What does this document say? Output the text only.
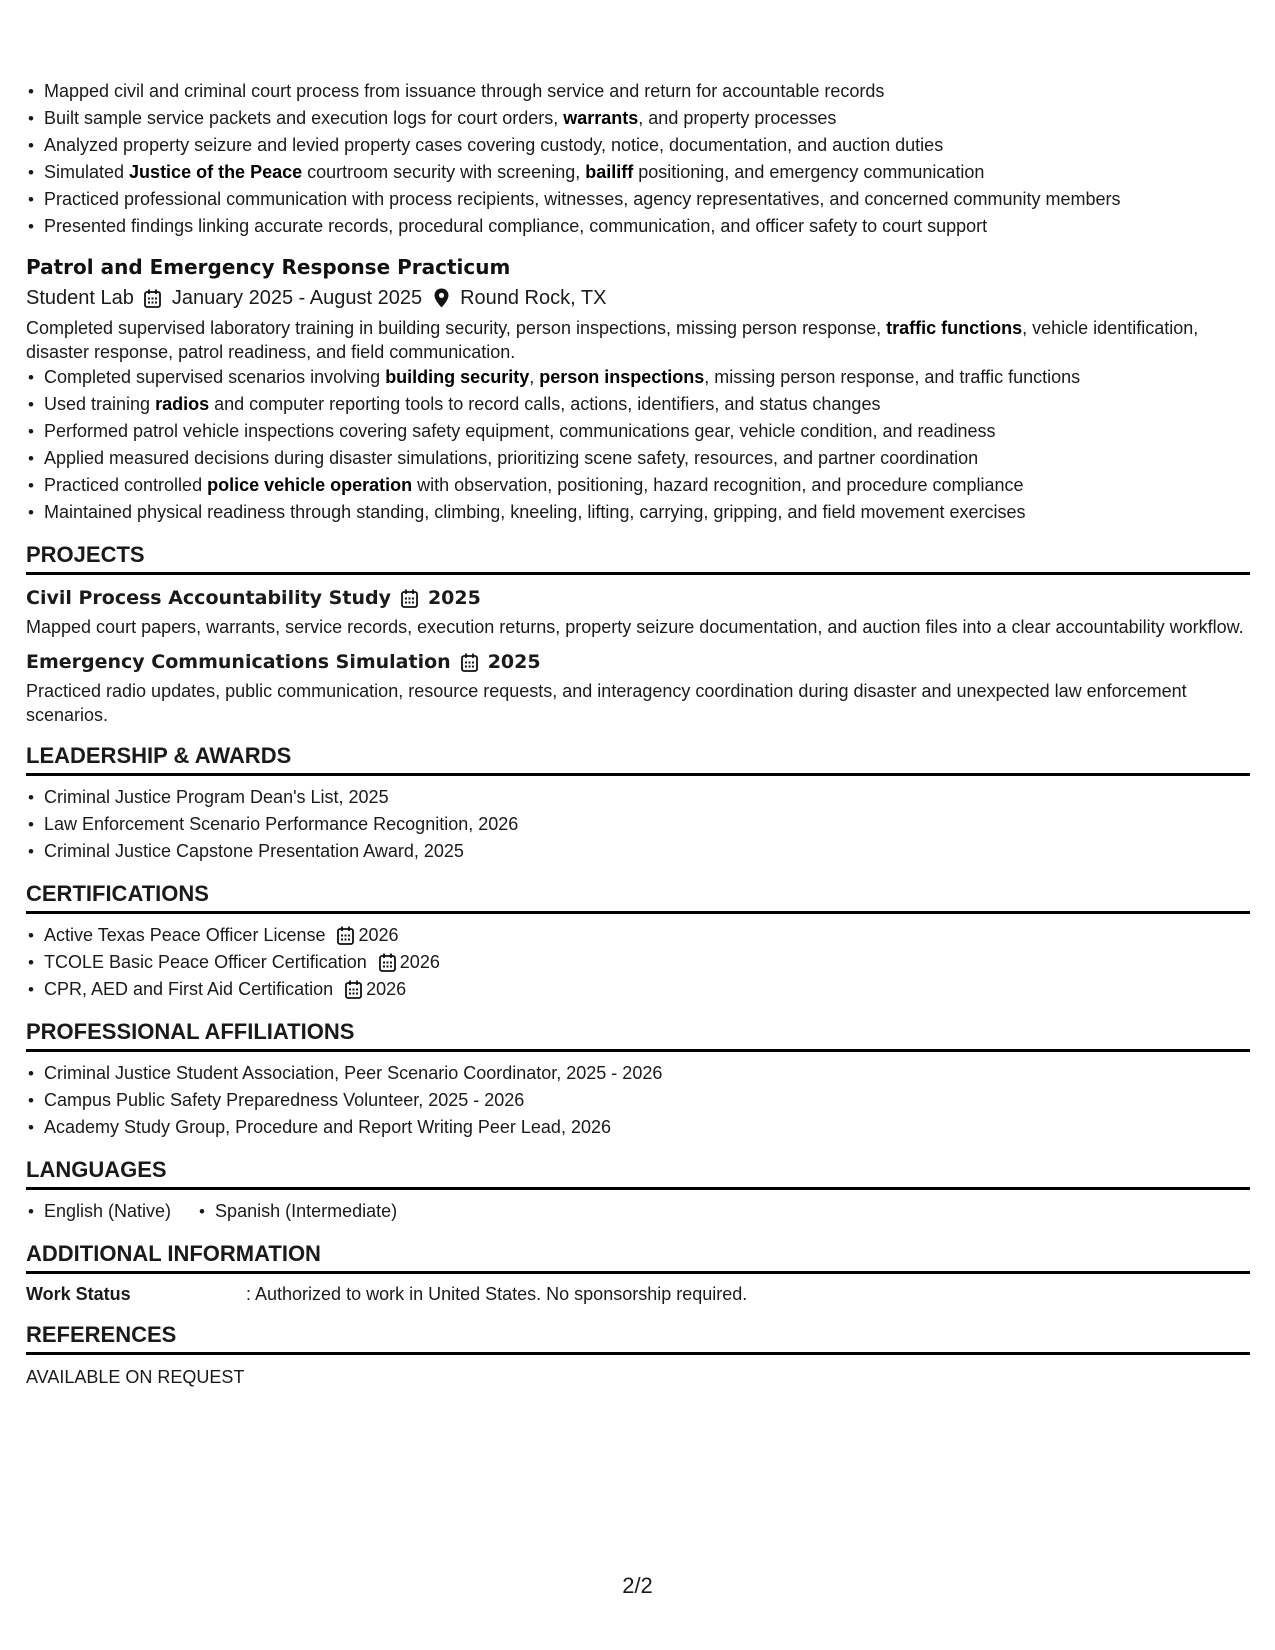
• Mapped civil and criminal court process from issuance through service and return for accountable records
• Built sample service packets and execution logs for court orders, warrants, and property processes
• Analyzed property seizure and levied property cases covering custody, notice, documentation, and auction duties
• Simulated Justice of the Peace courtroom security with screening, bailiff positioning, and emergency communication
• Practiced professional communication with process recipients, witnesses, agency representatives, and concerned community members
• Presented findings linking accurate records, procedural compliance, communication, and officer safety to court support
Patrol and Emergency Response Practicum
Student Lab January 2025 - August 2025 Round Rock, TX
Completed supervised laboratory training in building security, person inspections, missing person response, traffic functions, vehicle identification, disaster response, patrol readiness, and field communication.
• Completed supervised scenarios involving building security, person inspections, missing person response, and traffic functions
• Used training radios and computer reporting tools to record calls, actions, identifiers, and status changes
• Performed patrol vehicle inspections covering safety equipment, communications gear, vehicle condition, and readiness
• Applied measured decisions during disaster simulations, prioritizing scene safety, resources, and partner coordination
• Practiced controlled police vehicle operation with observation, positioning, hazard recognition, and procedure compliance
• Maintained physical readiness through standing, climbing, kneeling, lifting, carrying, gripping, and field movement exercises
PROJECTS
Civil Process Accountability Study 2025
Mapped court papers, warrants, service records, execution returns, property seizure documentation, and auction files into a clear accountability workflow.
Emergency Communications Simulation 2025
Practiced radio updates, public communication, resource requests, and interagency coordination during disaster and unexpected law enforcement scenarios.
LEADERSHIP & AWARDS
• Criminal Justice Program Dean's List, 2025
• Law Enforcement Scenario Performance Recognition, 2026
• Criminal Justice Capstone Presentation Award, 2025
CERTIFICATIONS
• Active Texas Peace Officer License 2026
• TCOLE Basic Peace Officer Certification 2026
• CPR, AED and First Aid Certification 2026
PROFESSIONAL AFFILIATIONS
• Criminal Justice Student Association, Peer Scenario Coordinator, 2025 - 2026
• Campus Public Safety Preparedness Volunteer, 2025 - 2026
• Academy Study Group, Procedure and Report Writing Peer Lead, 2026
LANGUAGES
• English (Native)
• Spanish (Intermediate)
ADDITIONAL INFORMATION
Work Status	: Authorized to work in United States. No sponsorship required.
REFERENCES
AVAILABLE ON REQUEST
2/2
